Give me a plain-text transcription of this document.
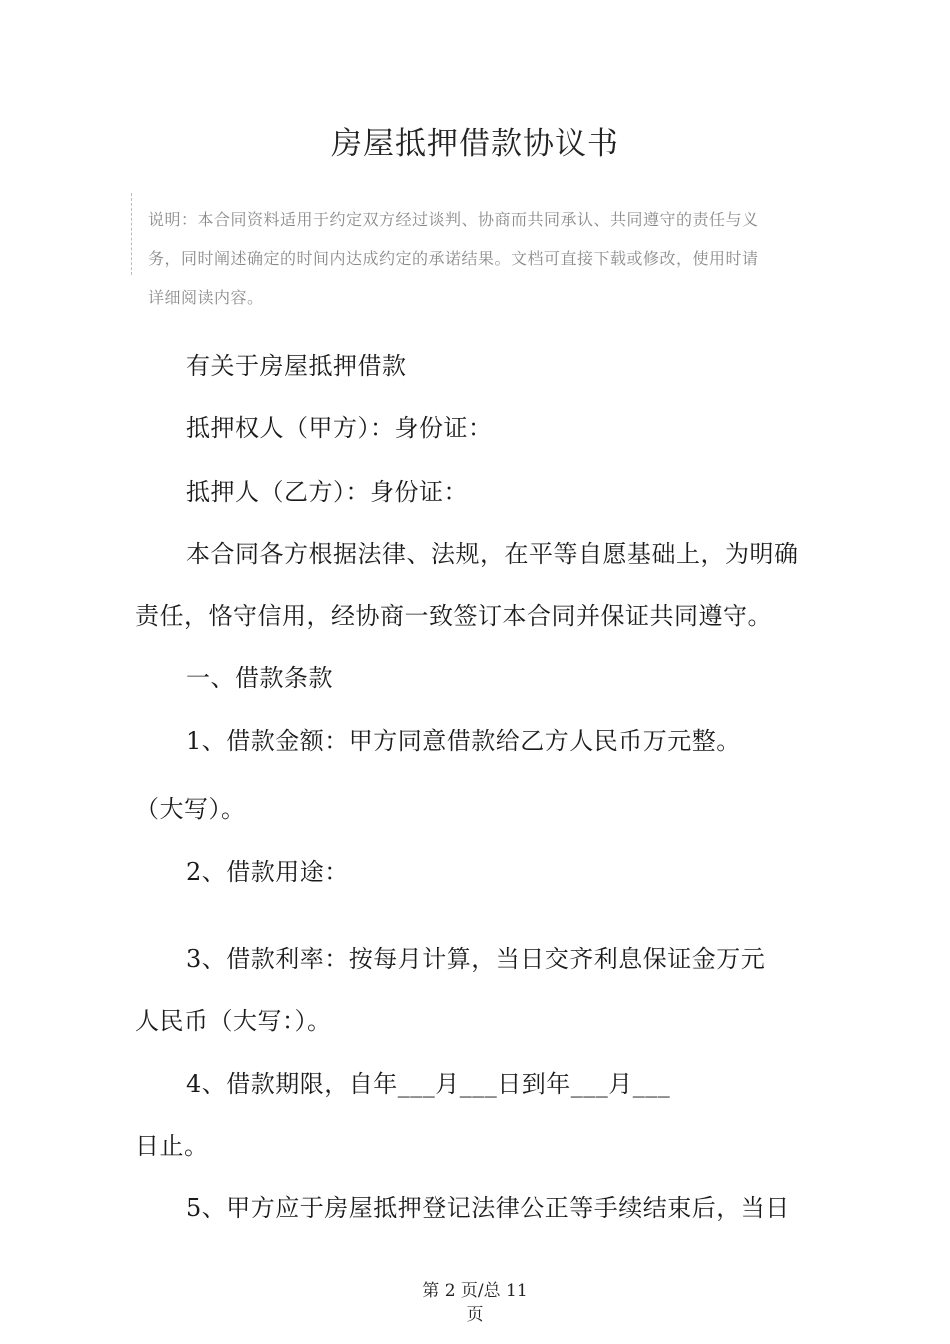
房屋抵押借款协议书
说明：本合同资料适用于约定双方经过谈判、协商而共同承认、共同遵守的责任与义务，同时阐述确定的时间内达成约定的承诺结果。文档可直接下载或修改，使用时请详细阅读内容。
有关于房屋抵押借款
抵押权人（甲方）：身份证：
抵押人（乙方）：身份证：
本合同各方根据法律、法规，在平等自愿基础上，为明确
责任，恪守信用，经协商一致签订本合同并保证共同遵守。
一、借款条款
1、借款金额：甲方同意借款给乙方人民币万元整。
（大写）。
2、借款用途：
3、借款利率：按每月计算，当日交齐利息保证金万元
人民币（大写：）。
4、借款期限，自年___月___日到年___月___
日止。
5、甲方应于房屋抵押登记法律公正等手续结束后，当日
第 2 页/总 11
页
